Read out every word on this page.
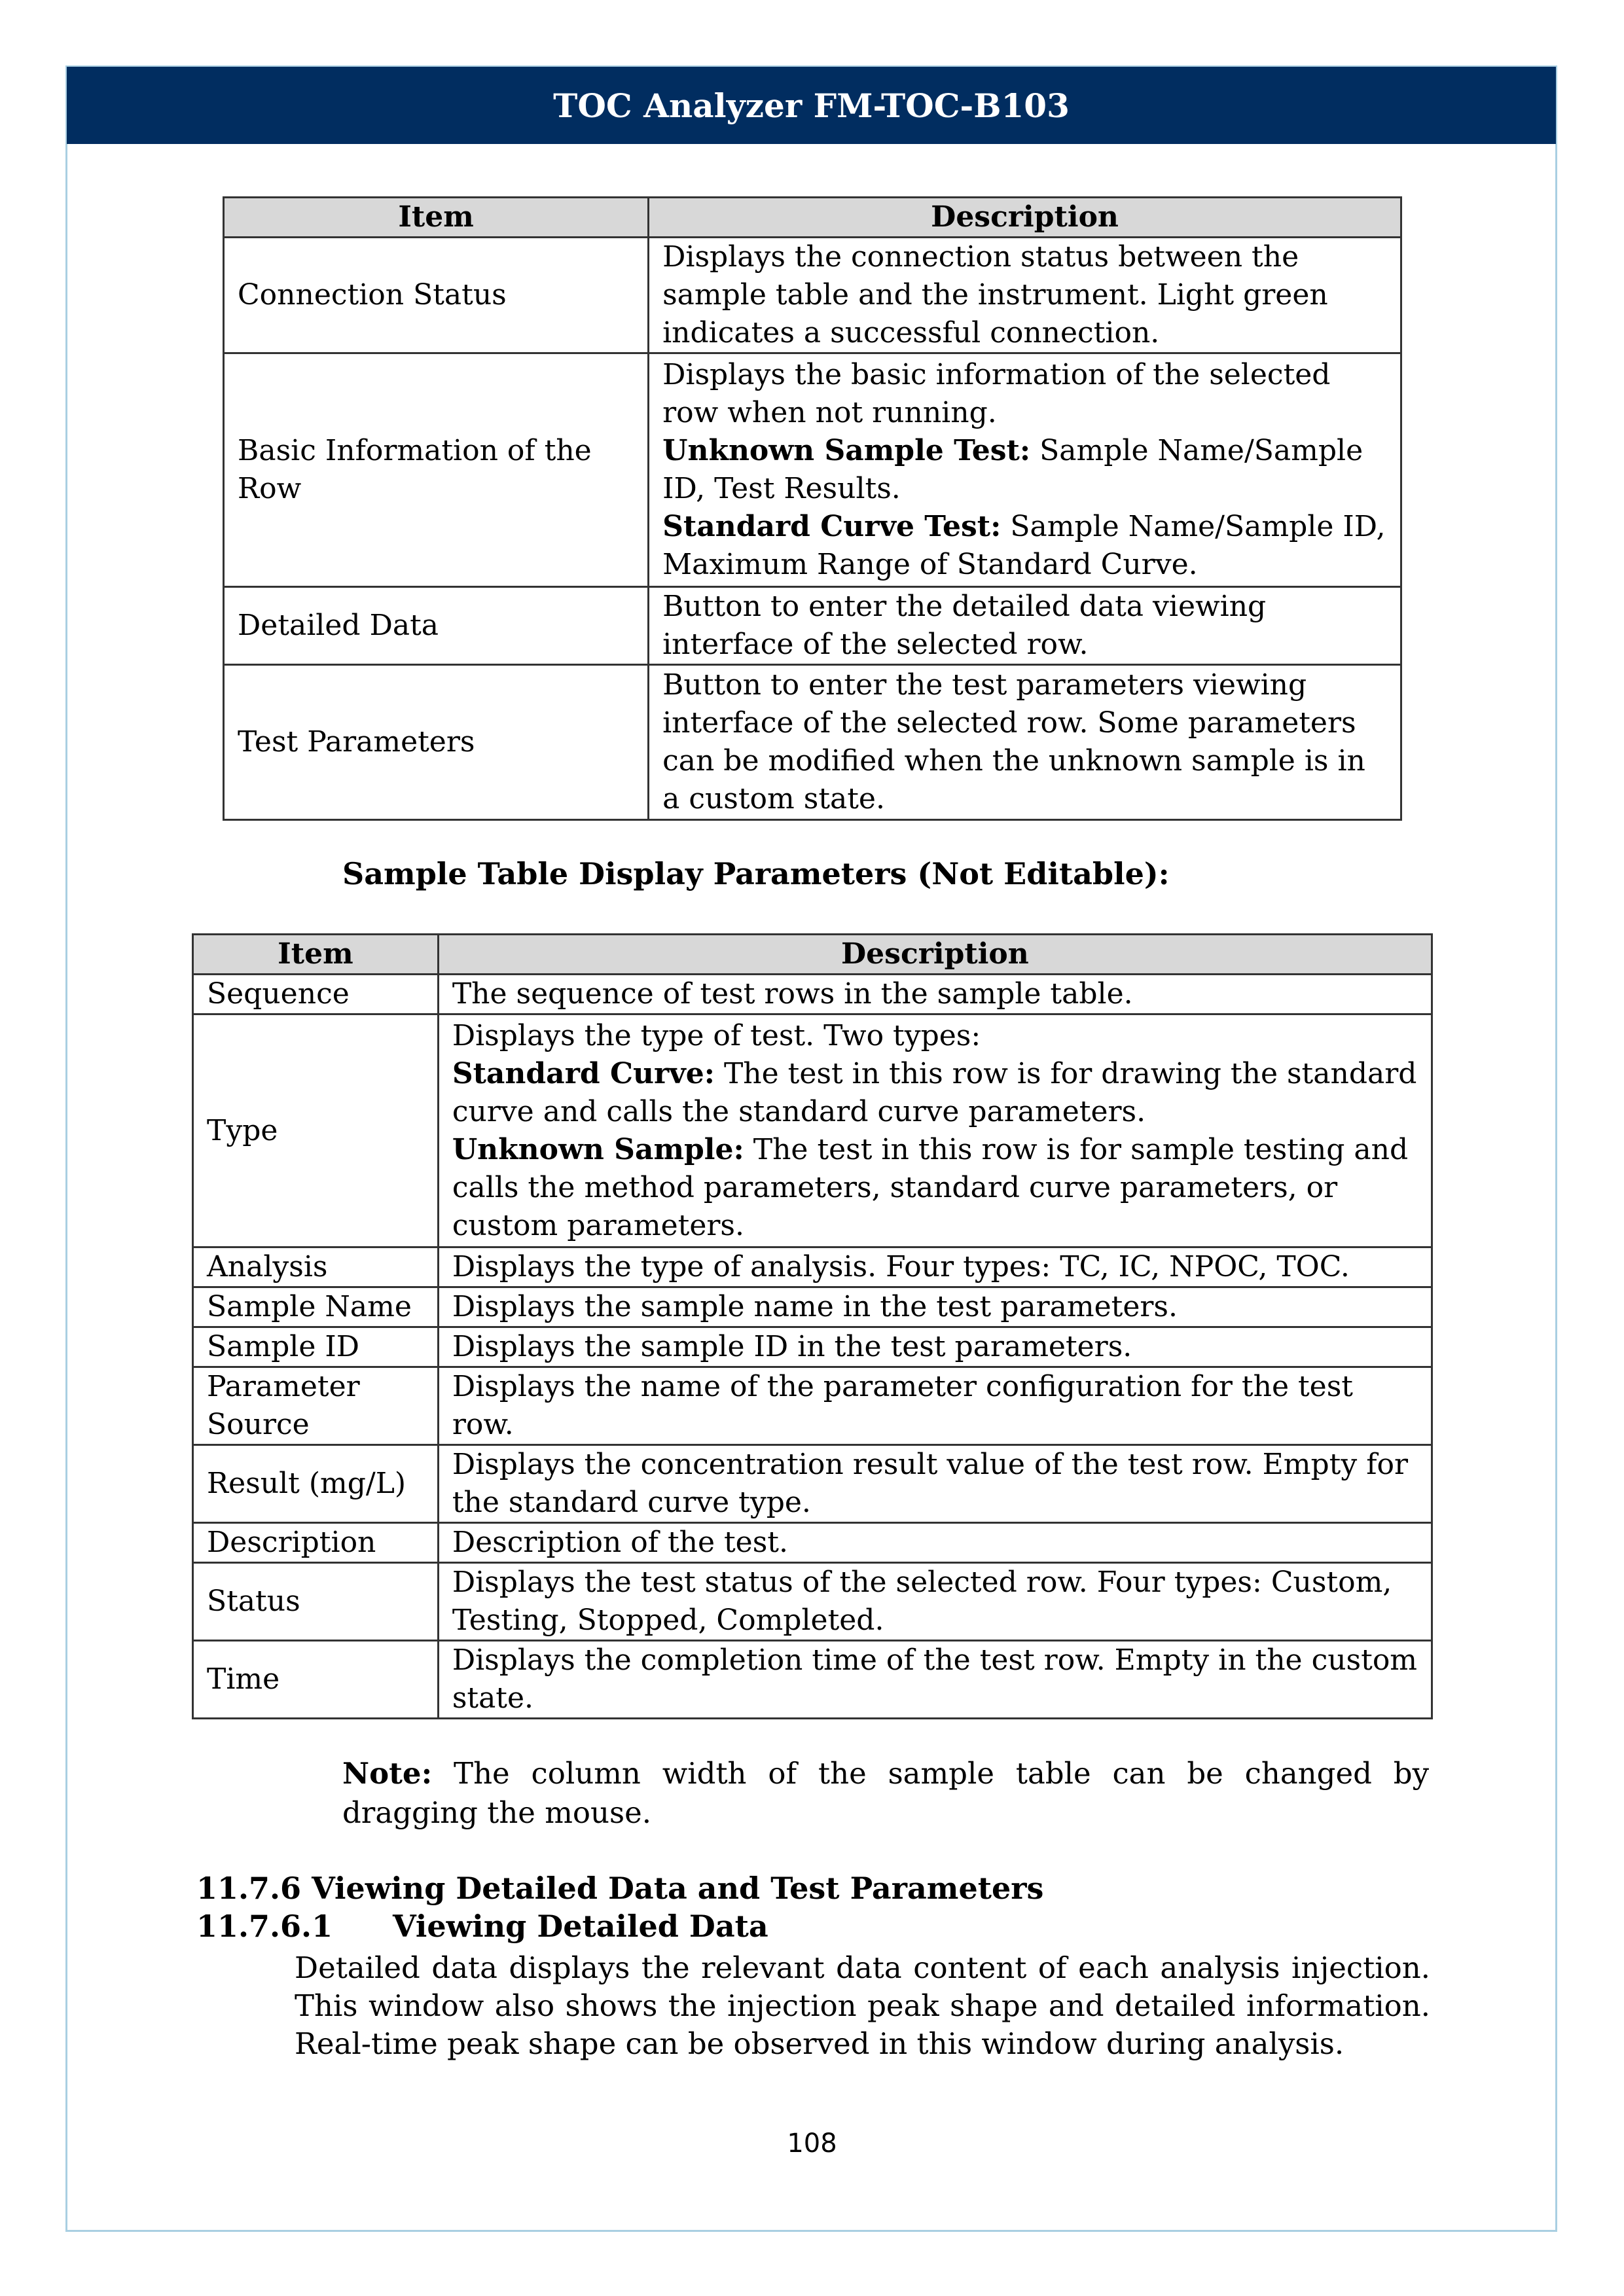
TOC Analyzer FM-TOC-B103
Item	Description
Connection Status	Displays the connection status between the sample table and the instrument. Light green indicates a successful connection.
Basic Information of the Row	Displays the basic information of the selected row when not running.
Unknown Sample Test: Sample Name/Sample ID, Test Results.
Standard Curve Test: Sample Name/Sample ID, Maximum Range of Standard Curve.

Detailed Data	Button to enter the detailed data viewing interface of the selected row.
Test Parameters	Button to enter the test parameters viewing interface of the selected row. Some parameters can be modified when the unknown sample is in a custom state.
Sample Table Display Parameters (Not Editable):
Item	Description
Sequence	The sequence of test rows in the sample table.
Type	Displays the type of test. Two types:
Standard Curve: The test in this row is for drawing the standard curve and calls the standard curve parameters.
Unknown Sample: The test in this row is for sample testing and calls the method parameters, standard curve parameters, or custom parameters.

Analysis	Displays the type of analysis. Four types: TC, IC, NPOC, TOC.
Sample Name	Displays the sample name in the test parameters.
Sample ID	Displays the sample ID in the test parameters.
Parameter Source	Displays the name of the parameter configuration for the test row.
Result (mg/L)	Displays the concentration result value of the test row. Empty for the standard curve type.
Description	Description of the test.
Status	Displays the test status of the selected row. Four types: Custom, Testing, Stopped, Completed.
Time	Displays the completion time of the test row. Empty in the custom state.
Note: The column width of the sample table can be changed by dragging the mouse.
11.7.6 Viewing Detailed Data and Test Parameters
11.7.6.1 Viewing Detailed Data
Detailed data displays the relevant data content of each analysis injection. This window also shows the injection peak shape and detailed information. Real-time peak shape can be observed in this window during analysis.
108
